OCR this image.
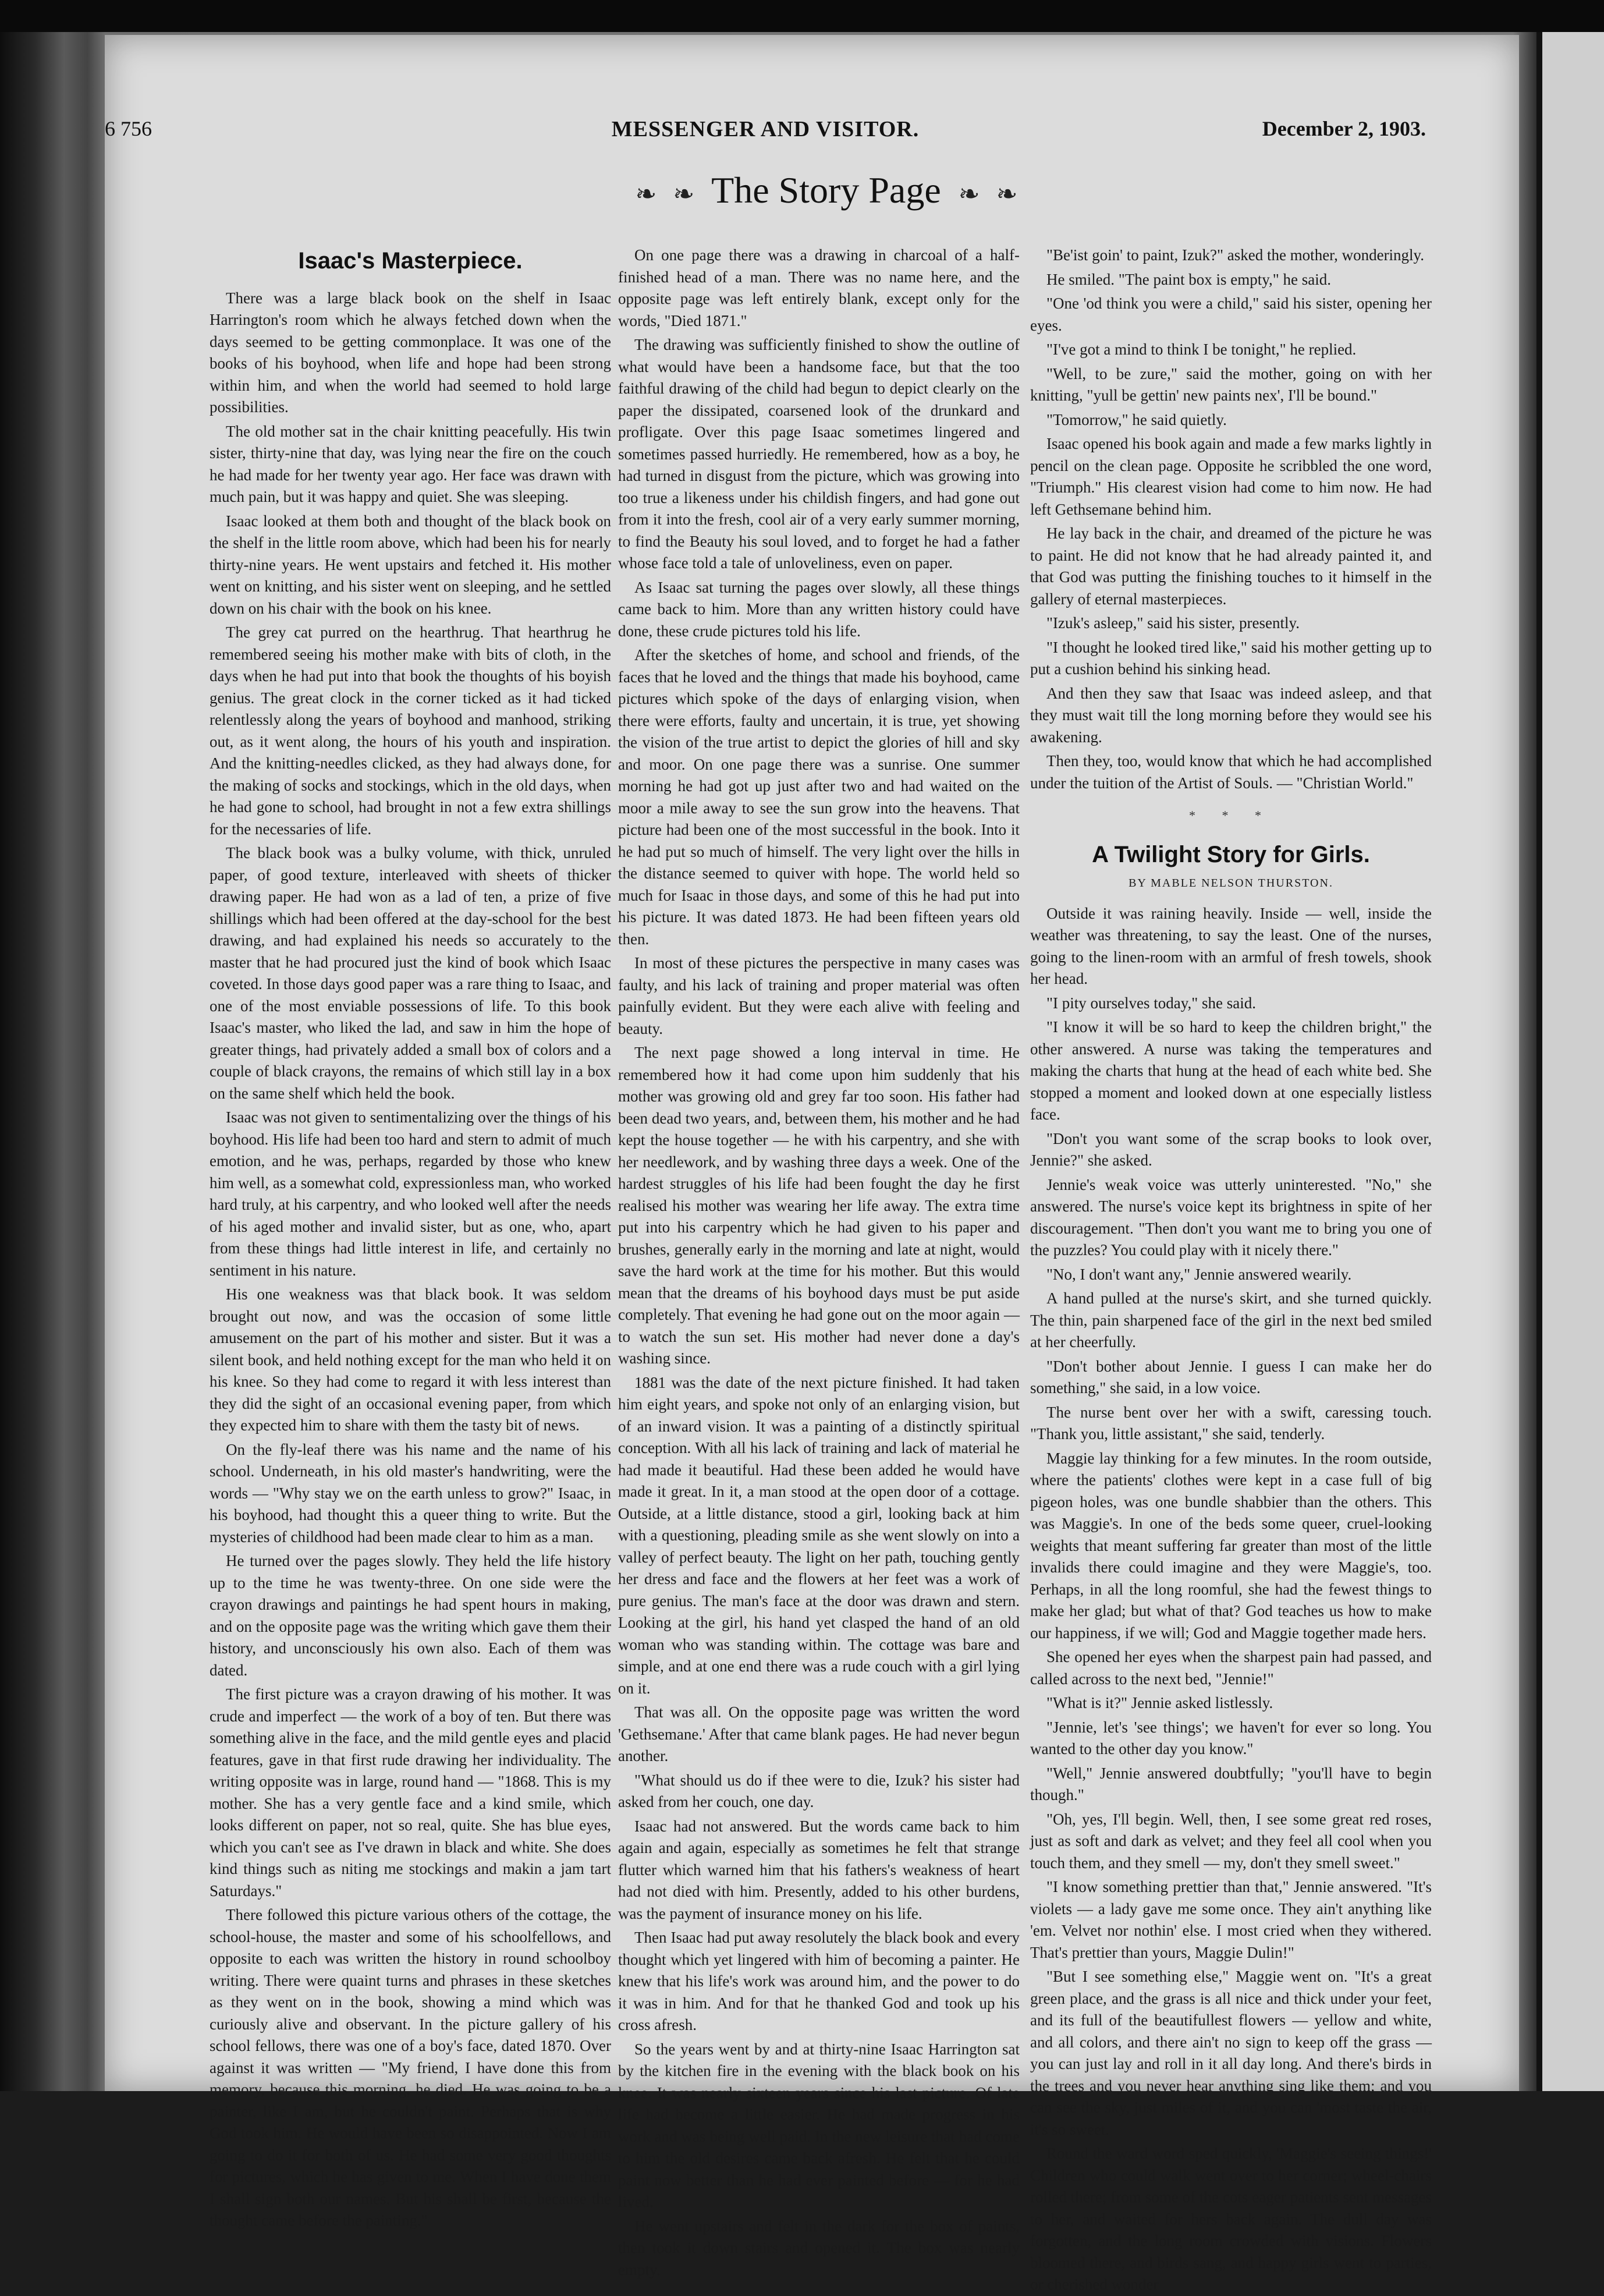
6 756	MESSENGER AND VISITOR.	December 2, 1903.
❧ ❧ The Story Page ❧ ❧
Isaac's Masterpiece.

There was a large black book on the shelf in Isaac Harrington's room which he always fetched down when the days seemed to be getting commonplace. It was one of the books of his boyhood, when life and hope had been strong within him, and when the world had seemed to hold large possibilities.

The old mother sat in the chair knitting peacefully. His twin sister, thirty-nine that day, was lying near the fire on the couch he had made for her twenty year ago. Her face was drawn with much pain, but it was happy and quiet. She was sleeping.

Isaac looked at them both and thought of the black book on the shelf in the little room above, which had been his for nearly thirty-nine years. He went upstairs and fetched it. His mother went on knitting, and his sister went on sleeping, and he settled down on his chair with the book on his knee.

The grey cat purred on the hearthrug. That hearthrug he remembered seeing his mother make with bits of cloth, in the days when he had put into that book the thoughts of his boyish genius. The great clock in the corner ticked as it had ticked relentlessly along the years of boyhood and manhood, striking out, as it went along, the hours of his youth and inspiration. And the knitting-needles clicked, as they had always done, for the making of socks and stockings, which in the old days, when he had gone to school, had brought in not a few extra shillings for the necessaries of life.

The black book was a bulky volume, with thick, unruled paper, of good texture, interleaved with sheets of thicker drawing paper. He had won as a lad of ten, a prize of five shillings which had been offered at the day-school for the best drawing, and had explained his needs so accurately to the master that he had procured just the kind of book which Isaac coveted. In those days good paper was a rare thing to Isaac, and one of the most enviable possessions of life. To this book Isaac's master, who liked the lad, and saw in him the hope of greater things, had privately added a small box of colors and a couple of black crayons, the remains of which still lay in a box on the same shelf which held the book.

Isaac was not given to sentimentalizing over the things of his boyhood. His life had been too hard and stern to admit of much emotion, and he was, perhaps, regarded by those who knew him well, as a somewhat cold, expressionless man, who worked hard truly, at his carpentry, and who looked well after the needs of his aged mother and invalid sister, but as one, who, apart from these things had little interest in life, and certainly no sentiment in his nature.

His one weakness was that black book. It was seldom brought out now, and was the occasion of some little amusement on the part of his mother and sister. But it was a silent book, and held nothing except for the man who held it on his knee. So they had come to regard it with less interest than they did the sight of an occasional evening paper, from which they expected him to share with them the tasty bit of news.

On the fly-leaf there was his name and the name of his school. Underneath, in his old master's handwriting, were the words — "Why stay we on the earth unless to grow?" Isaac, in his boyhood, had thought this a queer thing to write. But the mysteries of childhood had been made clear to him as a man.

He turned over the pages slowly. They held the life history up to the time he was twenty-three. On one side were the crayon drawings and paintings he had spent hours in making, and on the opposite page was the writing which gave them their history, and unconsciously his own also. Each of them was dated.

The first picture was a crayon drawing of his mother. It was crude and imperfect — the work of a boy of ten. But there was something alive in the face, and the mild gentle eyes and placid features, gave in that first rude drawing her individuality. The writing opposite was in large, round hand — "1868. This is my mother. She has a very gentle face and a kind smile, which looks different on paper, not so real, quite. She has blue eyes, which you can't see as I've drawn in black and white. She does kind things such as niting me stockings and makin a jam tart Saturdays."

There followed this picture various others of the cottage, the school-house, the master and some of his schoolfellows, and opposite to each was written the history in round schoolboy writing. There were quaint turns and phrases in these sketches as they went on in the book, showing a mind which was curiously alive and observant. In the picture gallery of his school fellows, there was one of a boy's face, dated 1870. Over against it was written — "My friend, I have done this from memory, because this morning, he died. He was going to be a painter, like I am, but he couldn't paint. Perhaps that is why God took him. He would have been so disappointed. Now I am going to do it for both of us. He had some very good thoughts for pictures, which he has given to me. When I have done them I shall sign both our names. But his shall be first, because the thought came before the painting."

On one page there was a drawing in charcoal of a half-finished head of a man. There was no name here, and the opposite page was left entirely blank, except only for the words, "Died 1871."

The drawing was sufficiently finished to show the outline of what would have been a handsome face, but that the too faithful drawing of the child had begun to depict clearly on the paper the dissipated, coarsened look of the drunkard and profligate. Over this page Isaac sometimes lingered and sometimes passed hurriedly. He remembered, how as a boy, he had turned in disgust from the picture, which was growing into too true a likeness under his childish fingers, and had gone out from it into the fresh, cool air of a very early summer morning, to find the Beauty his soul loved, and to forget he had a father whose face told a tale of unloveliness, even on paper.

As Isaac sat turning the pages over slowly, all these things came back to him. More than any written history could have done, these crude pictures told his life.

After the sketches of home, and school and friends, of the faces that he loved and the things that made his boyhood, came pictures which spoke of the days of enlarging vision, when there were efforts, faulty and uncertain, it is true, yet showing the vision of the true artist to depict the glories of hill and sky and moor. On one page there was a sunrise. One summer morning he had got up just after two and had waited on the moor a mile away to see the sun grow into the heavens. That picture had been one of the most successful in the book. Into it he had put so much of himself. The very light over the hills in the distance seemed to quiver with hope. The world held so much for Isaac in those days, and some of this he had put into his picture. It was dated 1873. He had been fifteen years old then.

In most of these pictures the perspective in many cases was faulty, and his lack of training and proper material was often painfully evident. But they were each alive with feeling and beauty.

The next page showed a long interval in time. He remembered how it had come upon him suddenly that his mother was growing old and grey far too soon. His father had been dead two years, and, between them, his mother and he had kept the house together — he with his carpentry, and she with her needlework, and by washing three days a week. One of the hardest struggles of his life had been fought the day he first realised his mother was wearing her life away. The extra time put into his carpentry which he had given to his paper and brushes, generally early in the morning and late at night, would save the hard work at the time for his mother. But this would mean that the dreams of his boyhood days must be put aside completely. That evening he had gone out on the moor again — to watch the sun set. His mother had never done a day's washing since.

1881 was the date of the next picture finished. It had taken him eight years, and spoke not only of an enlarging vision, but of an inward vision. It was a painting of a distinctly spiritual conception. With all his lack of training and lack of material he had made it beautiful. Had these been added he would have made it great. In it, a man stood at the open door of a cottage. Outside, at a little distance, stood a girl, looking back at him with a questioning, pleading smile as she went slowly on into a valley of perfect beauty. The light on her path, touching gently her dress and face and the flowers at her feet was a work of pure genius. The man's face at the door was drawn and stern. Looking at the girl, his hand yet clasped the hand of an old woman who was standing within. The cottage was bare and simple, and at one end there was a rude couch with a girl lying on it.

That was all. On the opposite page was written the word 'Gethsemane.' After that came blank pages. He had never begun another.

"What should us do if thee were to die, Izuk? his sister had asked from her couch, one day.

Isaac had not answered. But the words came back to him again and again, especially as sometimes he felt that strange flutter which warned him that his fathers's weakness of heart had not died with him. Presently, added to his other burdens, was the payment of insurance money on his life.

Then Isaac had put away resolutely the black book and every thought which yet lingered with him of becoming a painter. He knew that his life's work was around him, and the power to do it was in him. And for that he thanked God and took up his cross afresh.

So the years went by and at thirty-nine Isaac Harrington sat by the kitchen fire in the evening with the black book on his knee. It was nearly sixteen years since his last picture. Of late life had become a little easier. He had made progress in his work and was being well paid. In the new leisure that had come to him the old desires came back afresh. He felt that he could paint now better than he had ever painted before — for he had lived.

He went upstairs and felt in the dark for the box of paints, then took it down stairs and opened it. The box was nearly empty.

"Be'ist goin' to paint, Izuk?" asked the mother, wonderingly.

He smiled. "The paint box is empty," he said.

"One 'od think you were a child," said his sister, opening her eyes.

"I've got a mind to think I be tonight," he replied.

"Well, to be zure," said the mother, going on with her knitting, "yull be gettin' new paints nex', I'll be bound."

"Tomorrow," he said quietly.

Isaac opened his book again and made a few marks lightly in pencil on the clean page. Opposite he scribbled the one word, "Triumph." His clearest vision had come to him now. He had left Gethsemane behind him.

He lay back in the chair, and dreamed of the picture he was to paint. He did not know that he had already painted it, and that God was putting the finishing touches to it himself in the gallery of eternal masterpieces.

"Izuk's asleep," said his sister, presently.

"I thought he looked tired like," said his mother getting up to put a cushion behind his sinking head.

And then they saw that Isaac was indeed asleep, and that they must wait till the long morning before they would see his awakening.

Then they, too, would know that which he had accomplished under the tuition of the Artist of Souls. — "Christian World."

* * *
A Twilight Story for Girls.
BY MABLE NELSON THURSTON.

Outside it was raining heavily. Inside — well, inside the weather was threatening, to say the least. One of the nurses, going to the linen-room with an armful of fresh towels, shook her head.

"I pity ourselves today," she said.

"I know it will be so hard to keep the children bright," the other answered. A nurse was taking the temperatures and making the charts that hung at the head of each white bed. She stopped a moment and looked down at one especially listless face.

"Don't you want some of the scrap books to look over, Jennie?" she asked.

Jennie's weak voice was utterly uninterested. "No," she answered. The nurse's voice kept its brightness in spite of her discouragement. "Then don't you want me to bring you one of the puzzles? You could play with it nicely there."

"No, I don't want any," Jennie answered wearily.

A hand pulled at the nurse's skirt, and she turned quickly. The thin, pain sharpened face of the girl in the next bed smiled at her cheerfully.

"Don't bother about Jennie. I guess I can make her do something," she said, in a low voice.

The nurse bent over her with a swift, caressing touch. "Thank you, little assistant," she said, tenderly.

Maggie lay thinking for a few minutes. In the room outside, where the patients' clothes were kept in a case full of big pigeon holes, was one bundle shabbier than the others. This was Maggie's. In one of the beds some queer, cruel-looking weights that meant suffering far greater than most of the little invalids there could imagine and they were Maggie's, too. Perhaps, in all the long roomful, she had the fewest things to make her glad; but what of that? God teaches us how to make our happiness, if we will; God and Maggie together made hers.

She opened her eyes when the sharpest pain had passed, and called across to the next bed, "Jennie!"

"What is it?" Jennie asked listlessly.

"Jennie, let's 'see things'; we haven't for ever so long. You wanted to the other day you know."

"Well," Jennie answered doubtfully; "you'll have to begin though."

"Oh, yes, I'll begin. Well, then, I see some great red roses, just as soft and dark as velvet; and they feel all cool when you touch them, and they smell — my, don't they smell sweet."

"I know something prettier than that," Jennie answered. "It's violets — a lady gave me some once. They ain't anything like 'em. Velvet nor nothin' else. I most cried when they withered. That's prettier than yours, Maggie Dulin!"

"But I see something else," Maggie went on. "It's a great green place, and the grass is all nice and thick under your feet, and its full of the beautifullest flowers — yellow and white, and all colors, and there ain't no sign to keep off the grass — you can just lay and roll in it all day long. And there's birds in the trees and you never hear anything sing like them; and you can see the sky, just miles of it, and you can 'most taste the air, it's so sweet.

Round the ward word sped quickly, 'Maggie's seeing things!' Children who could walk went over to her corner; wheel-chairs rolled there; from some of the cots eager patients sent messages to her, and waited for hers back again. The dull day was forgotten, and the long room crowded with visions. Flowers bloomed there, and birds sang, and happy girls went to parties, or cherished wonder
